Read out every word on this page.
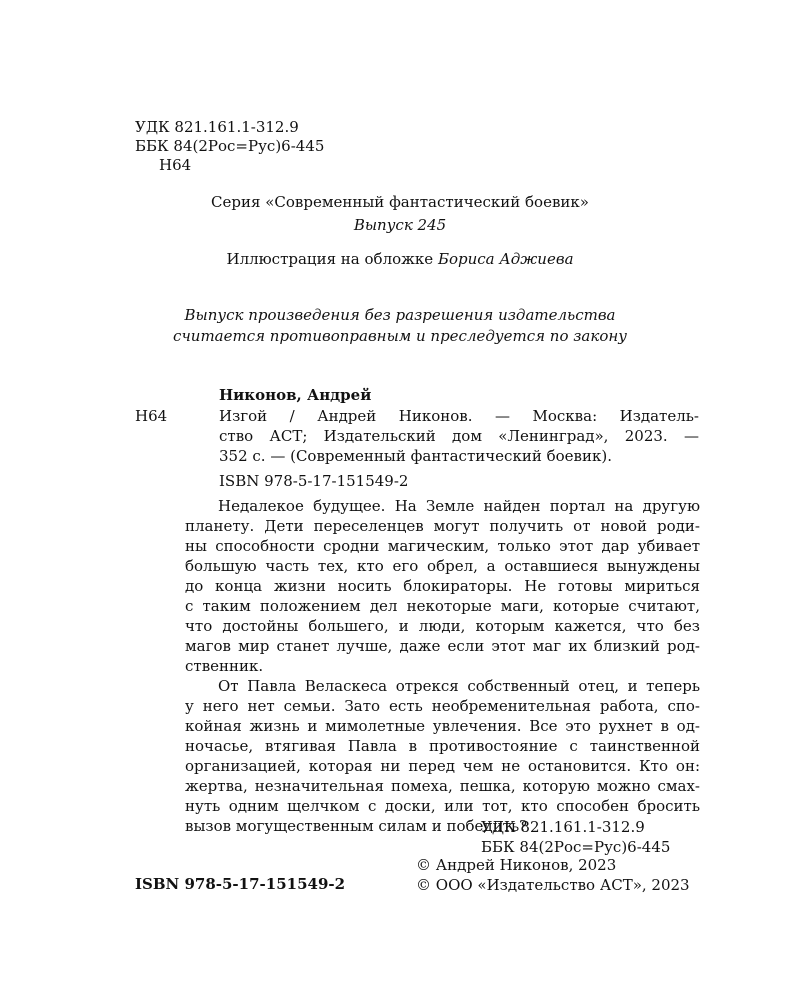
УДК 821.161.1-312.9
ББК 84(2Рос=Рус)6-445
Н64
Серия «Современный фантастический боевик»
Выпуск 245
Иллюстрация на обложке Бориса Аджиева
Выпуск произведения без разрешения издательства
считается противоправным и преследуется по закону
Никонов, Андрей
Н64	Изгой / Андрей Никонов. — Москва: Издатель-
ство АСТ; Издательский дом «Ленинград», 2023. —
352 с. — (Современный фантастический боевик).
ISBN 978-5-17-151549-2
Недалекое будущее. На Земле найден портал на другую
планету. Дети переселенцев могут получить от новой роди-
ны способности сродни магическим, только этот дар убивает
большую часть тех, кто его обрел, а оставшиеся вынуждены
до конца жизни носить блокираторы. Не готовы мириться
с таким положением дел некоторые маги, которые считают,
что достойны большего, и люди, которым кажется, что без
магов мир станет лучше, даже если этот маг их близкий род-
ственник.
От Павла Веласкеса отрекся собственный отец, и теперь
у него нет семьи. Зато есть необременительная работа, спо-
койная жизнь и мимолетные увлечения. Все это рухнет в од-
ночасье, втягивая Павла в противостояние с таинственной
организацией, которая ни перед чем не остановится. Кто он:
жертва, незначительная помеха, пешка, которую можно смах-
нуть одним щелчком с доски, или тот, кто способен бросить
вызов могущественным силам и победить?
УДК 821.161.1-312.9
ББК 84(2Рос=Рус)6-445
© Андрей Никонов, 2023
© ООО «Издательство АСТ», 2023
ISBN 978-5-17-151549-2
